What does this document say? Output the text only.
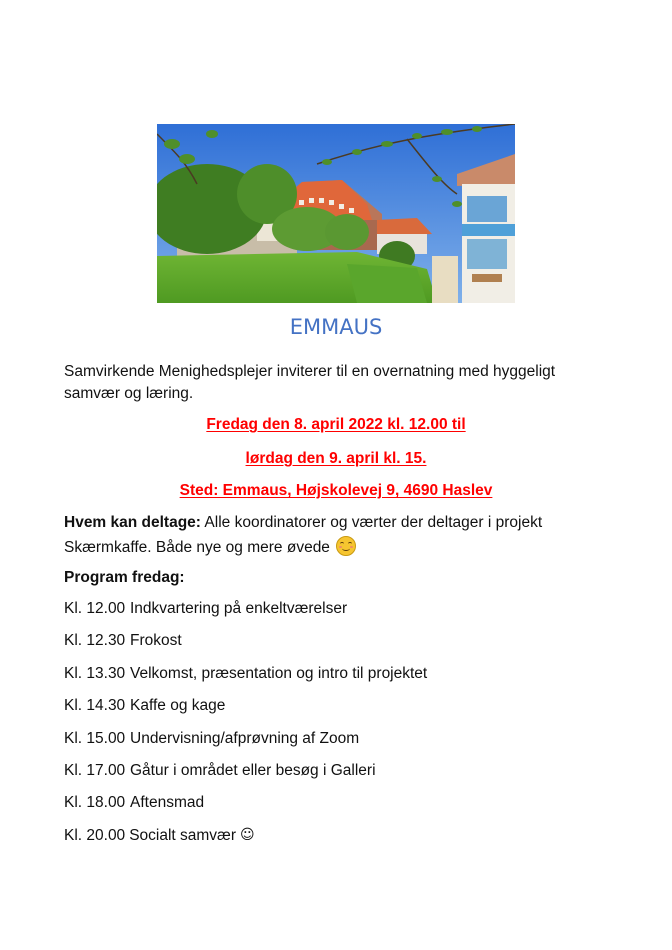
EMMAUS
Samvirkende Menighedsplejer inviterer til en overnatning med hyggeligt samvær og læring.
Fredag den 8. april 2022 kl. 12.00 til
lørdag den 9. april kl. 15.
Sted: Emmaus, Højskolevej 9, 4690 Haslev
Hvem kan deltage: Alle koordinatorer og værter der deltager i projekt Skærmkaffe. Både nye og mere øvede
Program fredag:
Kl. 12.00 Indkvartering på enkeltværelser
Kl. 12.30 Frokost
Kl. 13.30 Velkomst, præsentation og intro til projektet
Kl. 14.30 Kaffe og kage
Kl. 15.00 Undervisning/afprøvning af Zoom
Kl. 17.00 Gåtur i området eller besøg i Galleri
Kl. 18.00 Aftensmad
Kl. 20.00 Socialt samvær ☺
